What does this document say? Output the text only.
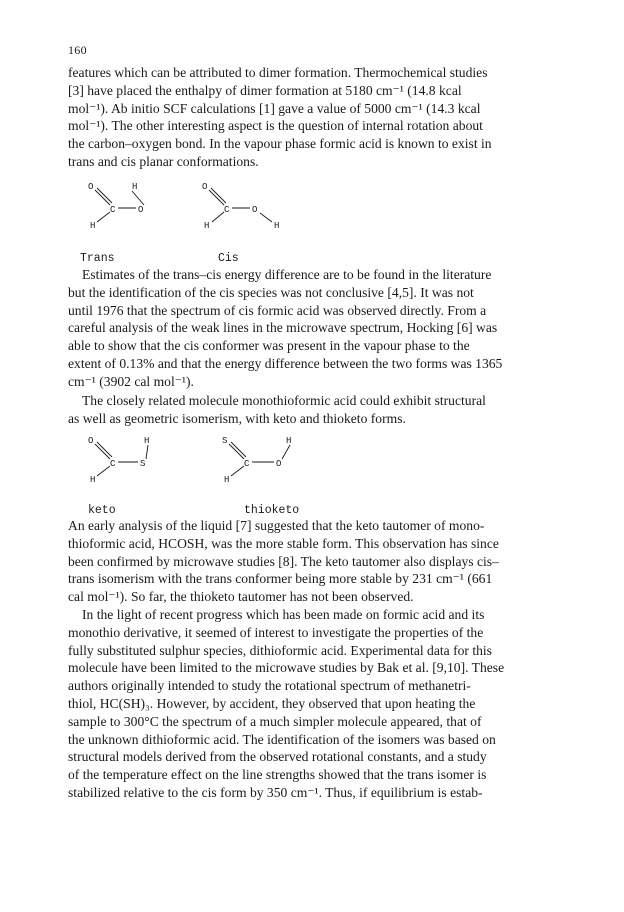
160
features which can be attributed to dimer formation. Thermochemical studies
[3] have placed the enthalpy of dimer formation at 5180 cm⁻¹ (14.8 kcal
mol⁻¹). Ab initio SCF calculations [1] gave a value of 5000 cm⁻¹ (14.3 kcal
mol⁻¹). The other interesting aspect is the question of internal rotation about
the carbon–oxygen bond. In the vapour phase formic acid is known to exist in
trans and cis planar conformations.
O	H
C	O
H
O
C	O
H	H
Trans	Cis
Estimates of the trans–cis energy difference are to be found in the literature
but the identification of the cis species was not conclusive [4,5]. It was not
until 1976 that the spectrum of cis formic acid was observed directly. From a
careful analysis of the weak lines in the microwave spectrum, Hocking [6] was
able to show that the cis conformer was present in the vapour phase to the
extent of 0.13% and that the energy difference between the two forms was 1365
cm⁻¹ (3902 cal mol⁻¹).
The closely related molecule monothioformic acid could exhibit structural
as well as geometric isomerism, with keto and thioketo forms.
O	H
C	S
H
S	H
C	O
H
keto	thioketo
An early analysis of the liquid [7] suggested that the keto tautomer of mono-
thioformic acid, HCOSH, was the more stable form. This observation has since
been confirmed by microwave studies [8]. The keto tautomer also displays cis–
trans isomerism with the trans conformer being more stable by 231 cm⁻¹ (661
cal mol⁻¹). So far, the thioketo tautomer has not been observed.
In the light of recent progress which has been made on formic acid and its
monothio derivative, it seemed of interest to investigate the properties of the
fully substituted sulphur species, dithioformic acid. Experimental data for this
molecule have been limited to the microwave studies by Bak et al. [9,10]. These
authors originally intended to study the rotational spectrum of methanetri-
thiol, HC(SH)₃. However, by accident, they observed that upon heating the
sample to 300°C the spectrum of a much simpler molecule appeared, that of
the unknown dithioformic acid. The identification of the isomers was based on
structural models derived from the observed rotational constants, and a study
of the temperature effect on the line strengths showed that the trans isomer is
stabilized relative to the cis form by 350 cm⁻¹. Thus, if equilibrium is estab-
